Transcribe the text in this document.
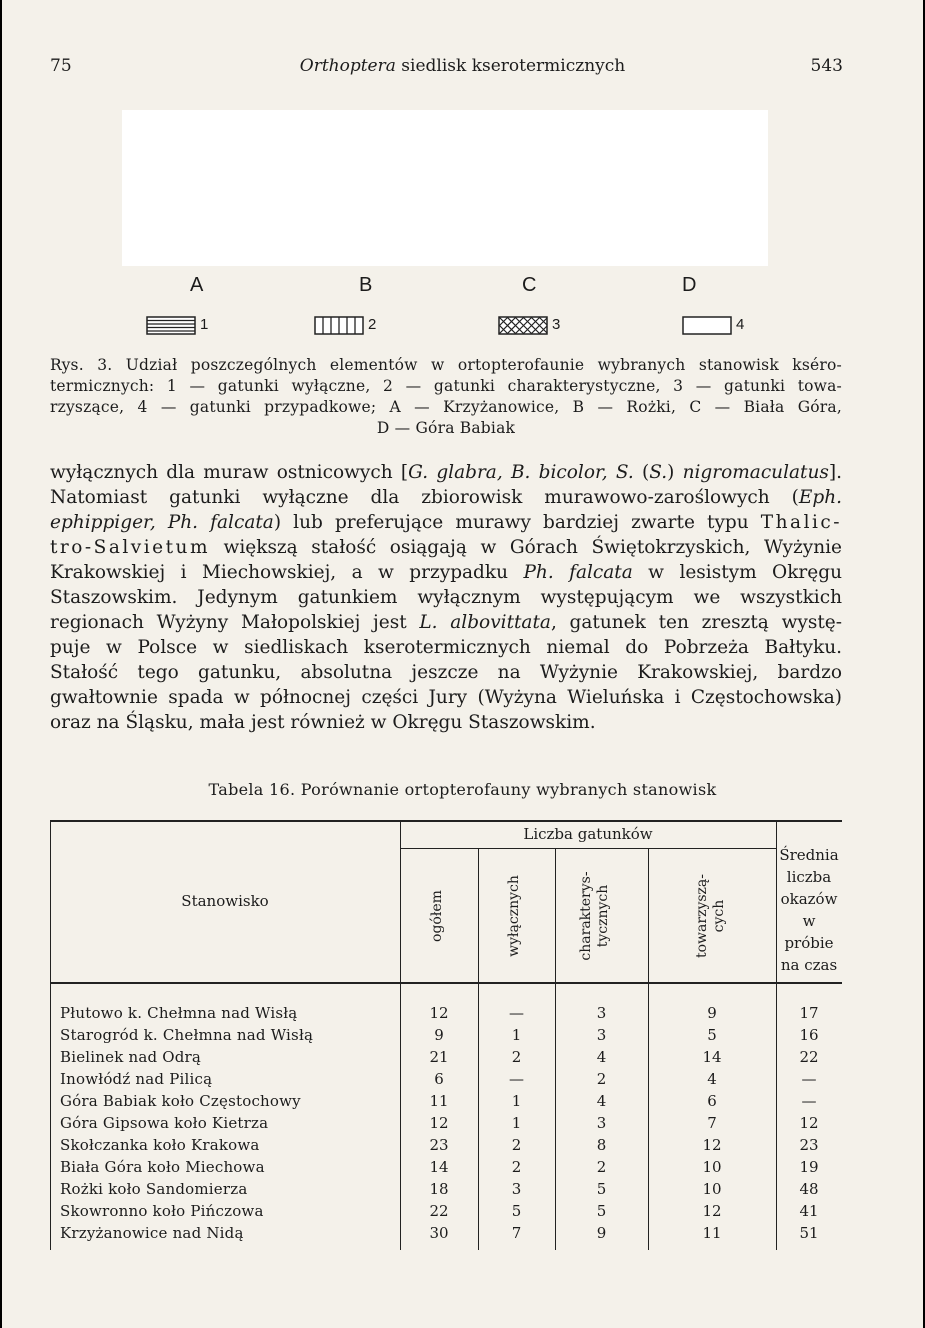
75	Orthoptera siedlisk kserotermicznych	543
A	B	C	D
1	2	3	4
Rys. 3. Udział poszczególnych elementów w ortopterofaunie wybranych stanowisk kséro-
termicznych: 1 — gatunki wyłączne, 2 — gatunki charakterystyczne, 3 — gatunki towa-
rzyszące, 4 — gatunki przypadkowe; A — Krzyżanowice, B — Rożki, C — Biała Góra,
D — Góra Babiak
wyłącznych dla muraw ostnicowych [G. glabra, B. bicolor, S. (S.) nigromaculatus].
Natomiast gatunki wyłączne dla zbiorowisk murawowo-zaroślowych (Eph.
ephippiger, Ph. falcata) lub preferujące murawy bardziej zwarte typu Thalic-
tro-Salvietum większą stałość osiągają w Górach Świętokrzyskich, Wyżynie
Krakowskiej i Miechowskiej, a w przypadku Ph. falcata w lesistym Okręgu
Staszowskim. Jedynym gatunkiem wyłącznym występującym we wszystkich
regionach Wyżyny Małopolskiej jest L. albovittata, gatunek ten zresztą wystę-
puje w Polsce w siedliskach kserotermicznych niemal do Pobrzeża Bałtyku.
Stałość tego gatunku, absolutna jeszcze na Wyżynie Krakowskiej, bardzo
gwałtownie spada w północnej części Jury (Wyżyna Wieluńska i Częstochowska)
oraz na Śląsku, mała jest również w Okręgu Staszowskim.
Tabela 16. Porównanie ortopterofauny wybranych stanowisk
Stanowisko
Liczba gatunków
ogółem	wyłącznych	charakterys-
tycznych	towarzyszą-
cych
Średnia
liczba
okazów
w próbie
na czas
Płutowo k. Chełmna nad Wisłą	12	—	3	9	17
Starogród k. Chełmna nad Wisłą	9	1	3	5	16
Bielinek nad Odrą	21	2	4	14	22
Inowłódź nad Pilicą	6	—	2	4	—
Góra Babiak koło Częstochowy	11	1	4	6	—
Góra Gipsowa koło Kietrza	12	1	3	7	12
Skołczanka koło Krakowa	23	2	8	12	23
Biała Góra koło Miechowa	14	2	2	10	19
Rożki koło Sandomierza	18	3	5	10	48
Skowronno koło Pińczowa	22	5	5	12	41
Krzyżanowice nad Nidą	30	7	9	11	51
